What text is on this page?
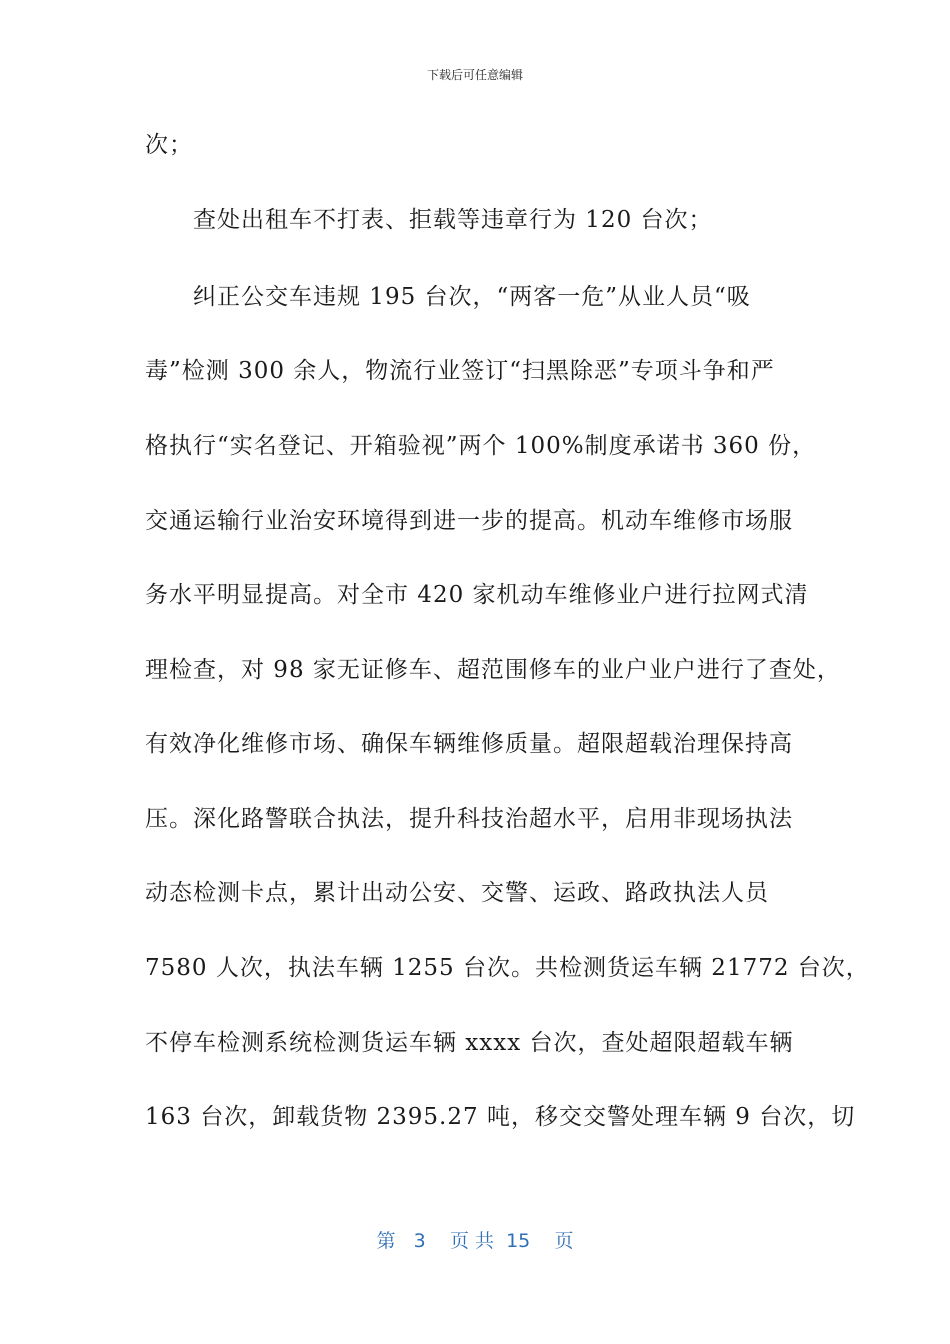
下载后可任意编辑
次；
查处出租车不打表、拒载等违章行为 120 台次；
纠正公交车违规 195 台次，“两客一危”从业人员“吸
毒”检测 300 余人，物流行业签订“扫黑除恶”专项斗争和严
格执行“实名登记、开箱验视”两个 100%制度承诺书 360 份，
交通运输行业治安环境得到进一步的提高。机动车维修市场服
务水平明显提高。对全市 420 家机动车维修业户进行拉网式清
理检查，对 98 家无证修车、超范围修车的业户业户进行了查处，
有效净化维修市场、确保车辆维修质量。超限超载治理保持高
压。深化路警联合执法，提升科技治超水平，启用非现场执法
动态检测卡点，累计出动公安、交警、运政、路政执法人员
7580 人次，执法车辆 1255 台次。共检测货运车辆 21772 台次，
不停车检测系统检测货运车辆 xxxx 台次，查处超限超载车辆
163 台次，卸载货物 2395.27 吨，移交交警处理车辆 9 台次，切
第 3 页 共 15 页
